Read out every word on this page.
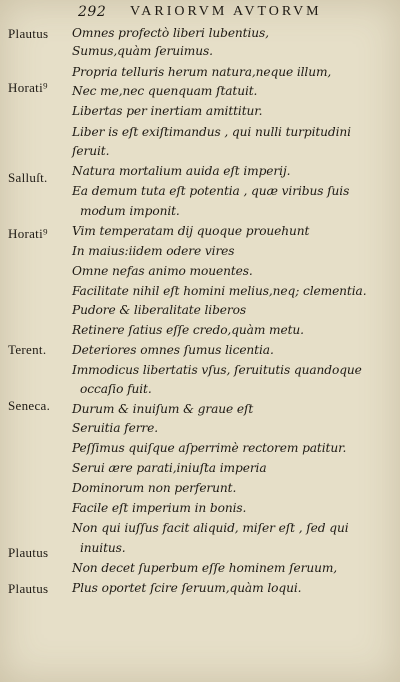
292 VARIORVM AVTORVM
Plautus
Horati⁹
Salluſt.
Horati⁹
Terent.
Seneca.
Plautus
Plautus
Omnes profectò liberi lubentius,
Sumus,quàm ſeruimus.
Propria telluris herum natura,neque illum,
Nec me,nec quenquam ſtatuit.
Libertas per inertiam amittitur.
Liber is eſt exiſtimandus , qui nulli turpitudini
ſeruit.
Natura mortalium auida eſt imperij.
Ea demum tuta eſt potentia , quæ viribus ſuis
modum imponit.
Vim temperatam dij quoque prouehunt
In maius:iidem odere vires
Omne nefas animo mouentes.
Facilitate nihil eſt homini melius,neq; clementia.
Pudore & liberalitate liberos
Retinere ſatius eſſe credo,quàm metu.
Deteriores omnes ſumus licentia.
Immodicus libertatis vſus, ſeruitutis quandoque
occaſio fuit.
Durum & inuiſum & graue eſt
Seruitia ferre.
Peſſimus quiſque aſperrimè rectorem patitur.
Serui ære parati,iniuſta imperia
Dominorum non perferunt.
Facile eſt imperium in bonis.
Non qui iuſſus facit aliquid, miſer eſt , ſed qui
inuitus.
Non decet ſuperbum eſſe hominem ſeruum,
Plus oportet ſcire ſeruum,quàm loqui.
